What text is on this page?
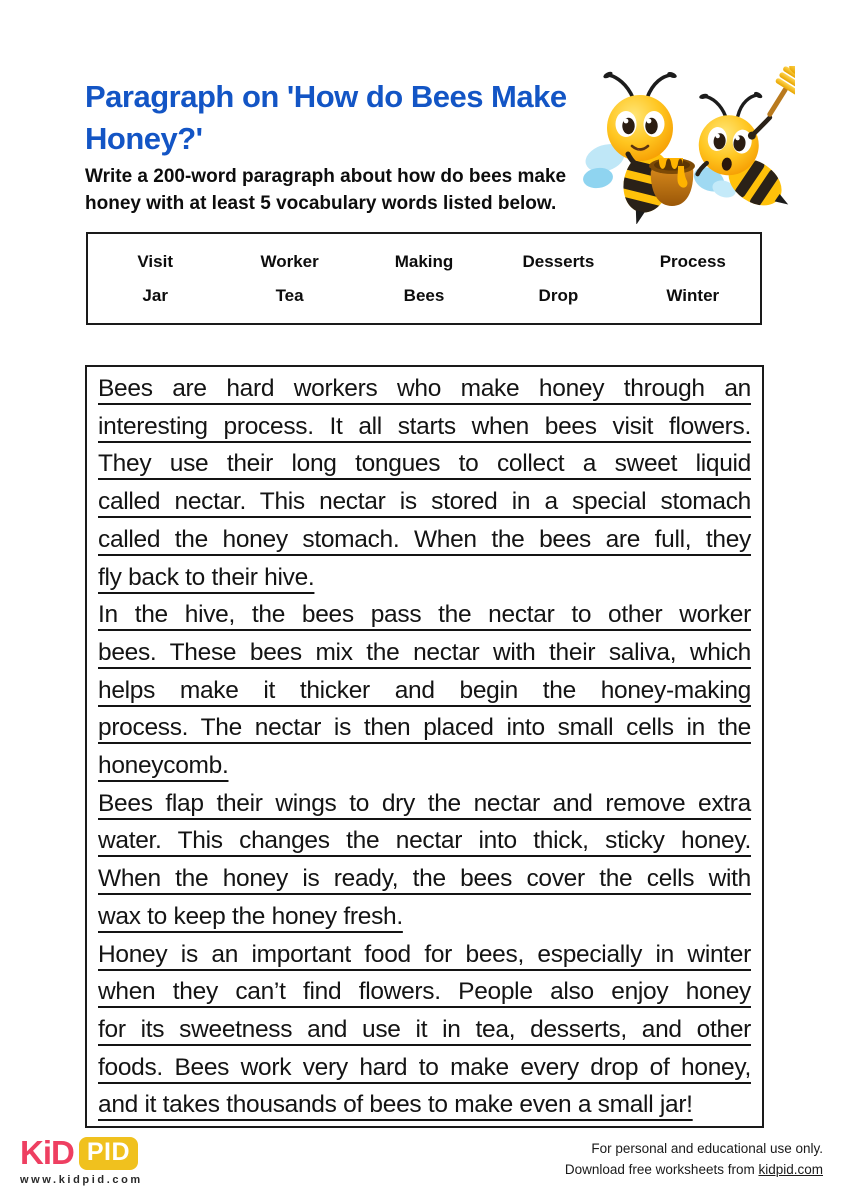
Paragraph on 'How do Bees Make
Honey?'
Write a 200-word paragraph about how do bees make
honey with at least 5 vocabulary words listed below.
Visit	Worker	Making	Desserts	Process
Jar	Tea	Bees	Drop	Winter
Bees are hard workers who make honey through an
interesting process. It all starts when bees visit flowers.
They use their long tongues to collect a sweet liquid
called nectar. This nectar is stored in a special stomach
called the honey stomach. When the bees are full, they
fly back to their hive.
In the hive, the bees pass the nectar to other worker
bees. These bees mix the nectar with their saliva, which
helps make it thicker and begin the honey-making
process. The nectar is then placed into small cells in the
honeycomb.
Bees flap their wings to dry the nectar and remove extra
water. This changes the nectar into thick, sticky honey.
When the honey is ready, the bees cover the cells with
wax to keep the honey fresh.
Honey is an important food for bees, especially in winter
when they can’t find flowers. People also enjoy honey
for its sweetness and use it in tea, desserts, and other
foods. Bees work very hard to make every drop of honey,
and it takes thousands of bees to make even a small jar!
KiD PID
www.kidpid.com
For personal and educational use only.
Download free worksheets from kidpid.com
